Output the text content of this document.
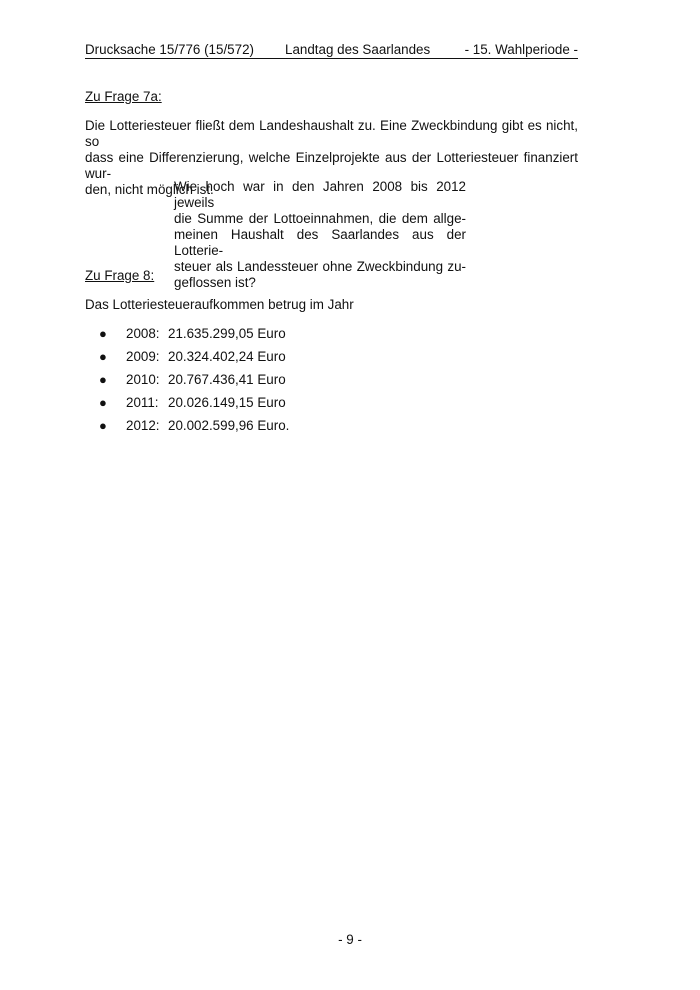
Drucksache 15/776 (15/572) Landtag des Saarlandes	- 15. Wahlperiode -
Zu Frage 7a:

Die Lotteriesteuer fließt dem Landeshaushalt zu. Eine Zweckbindung gibt es nicht, so
dass eine Differenzierung, welche Einzelprojekte aus der Lotteriesteuer finanziert wur-
den, nicht möglich ist.

Wie hoch war in den Jahren 2008 bis 2012 jeweils
die Summe der Lottoeinnahmen, die dem allge-
meinen Haushalt des Saarlandes aus der Lotterie-
steuer als Landessteuer ohne Zweckbindung zu-
geflossen ist?

Zu Frage 8:
Das Lotteriesteueraufkommen betrug im Jahr
● 2008: 21.635.299,05 Euro
● 2009: 20.324.402,24 Euro
● 2010: 20.767.436,41 Euro
● 2011: 20.026.149,15 Euro
● 2012: 20.002.599,96 Euro.
- 9 -
